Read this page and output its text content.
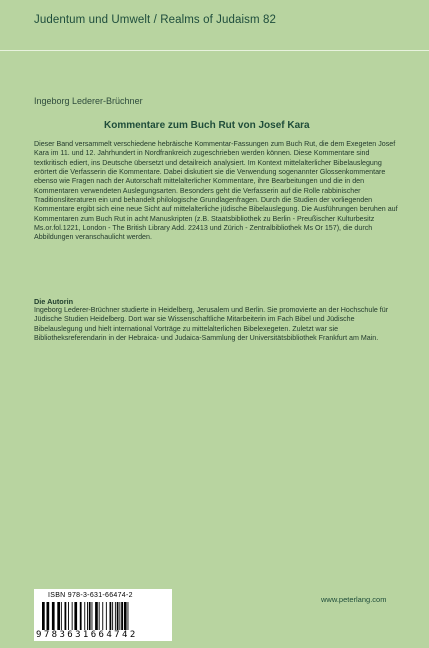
Judentum und Umwelt / Realms of Judaism 82
Ingeborg Lederer-Brüchner
Kommentare zum Buch Rut von Josef Kara

Dieser Band versammelt verschiedene hebräische Kommentar-Fassungen zum Buch Rut, die dem Exegeten Josef Kara im 11. und 12. Jahrhundert in Nordfrankreich zugeschrieben werden können. Diese Kommentare sind textkritisch ediert, ins Deutsche übersetzt und detailreich analysiert. Im Kontext mittelalterlicher Bibelauslegung erörtert die Verfasserin die Kommentare. Dabei diskutiert sie die Verwendung sogenannter Glossenkommentare ebenso wie Fragen nach der Autorschaft mittelalterlicher Kommentare, ihre Bearbeitungen und die in den Kommentaren verwendeten Auslegungsarten. Besonders geht die Verfasserin auf die Rolle rabbinischer Traditionsliteraturen ein und behandelt philologische Grundlagenfragen. Durch die Studien der vorliegenden Kommentare ergibt sich eine neue Sicht auf mittelalterliche jüdische Bibelauslegung. Die Ausführungen beruhen auf Kommentaren zum Buch Rut in acht Manuskripten (z.B. Staatsbibliothek zu Berlin - Preußischer Kulturbesitz Ms.or.fol.1221, London - The British Library Add. 22413 und Zürich - Zentralbibliothek Ms Or 157), die durch Abbildungen veranschaulicht werden.

Die Autorin

Ingeborg Lederer-Brüchner studierte in Heidelberg, Jerusalem und Berlin. Sie promovierte an der Hochschule für Jüdische Studien Heidelberg. Dort war sie Wissenschaftliche Mitarbeiterin im Fach Bibel und Jüdische Bibelauslegung und hielt international Vorträge zu mittelalterlichen Bibelexegeten. Zuletzt war sie Bibliotheksreferendarin in der Hebraica- und Judaica-Sammlung der Universitätsbibliothek Frankfurt am Main.

ISBN 978-3-631-66474-2
9783631664742
www.peterlang.com
